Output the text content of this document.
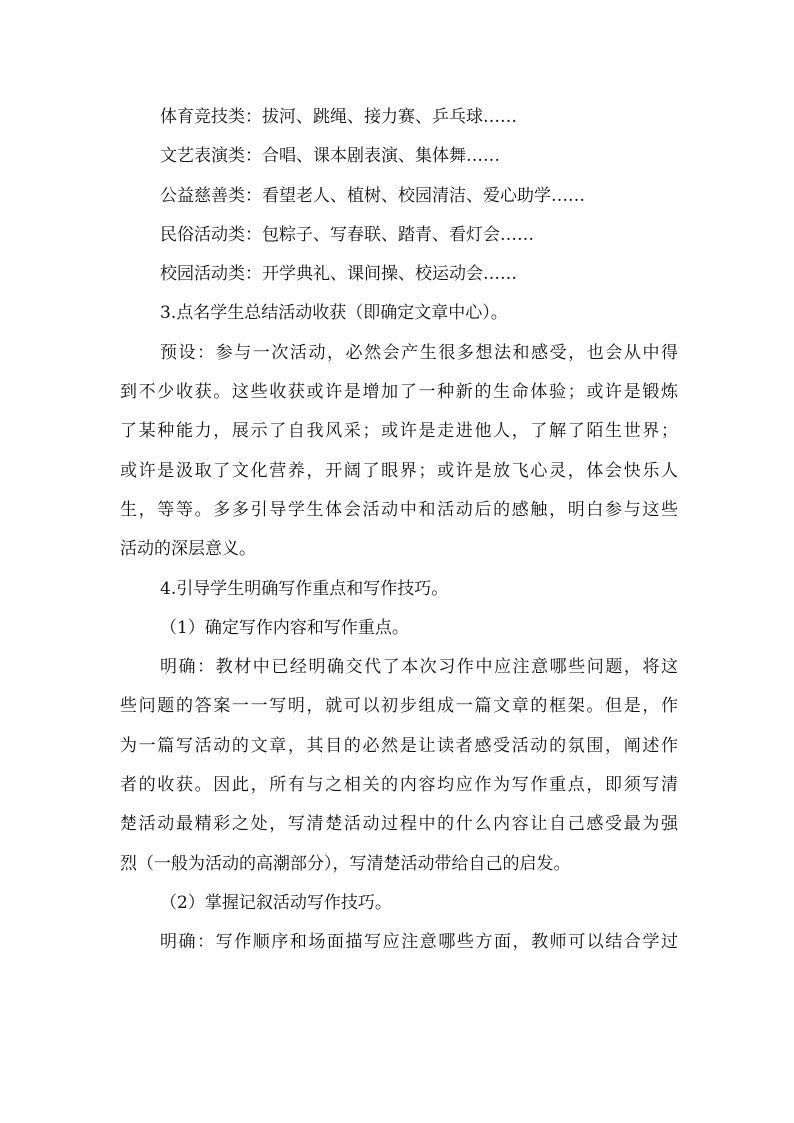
体育竞技类：拔河、跳绳、接力赛、乒乓球……
文艺表演类：合唱、课本剧表演、集体舞……
公益慈善类：看望老人、植树、校园清洁、爱心助学……
民俗活动类：包粽子、写春联、踏青、看灯会……
校园活动类：开学典礼、课间操、校运动会……
3.点名学生总结活动收获（即确定文章中心）。
预设：参与一次活动，必然会产生很多想法和感受，也会从中得
到不少收获。这些收获或许是增加了一种新的生命体验；或许是锻炼
了某种能力，展示了自我风采；或许是走进他人，了解了陌生世界；
或许是汲取了文化营养，开阔了眼界；或许是放飞心灵，体会快乐人
生，等等。多多引导学生体会活动中和活动后的感触，明白参与这些
活动的深层意义。
4.引导学生明确写作重点和写作技巧。
（1）确定写作内容和写作重点。
明确：教材中已经明确交代了本次习作中应注意哪些问题，将这
些问题的答案一一写明，就可以初步组成一篇文章的框架。但是，作
为一篇写活动的文章，其目的必然是让读者感受活动的氛围，阐述作
者的收获。因此，所有与之相关的内容均应作为写作重点，即须写清
楚活动最精彩之处，写清楚活动过程中的什么内容让自己感受最为强
烈（一般为活动的高潮部分），写清楚活动带给自己的启发。
（2）掌握记叙活动写作技巧。
明确：写作顺序和场面描写应注意哪些方面，教师可以结合学过
